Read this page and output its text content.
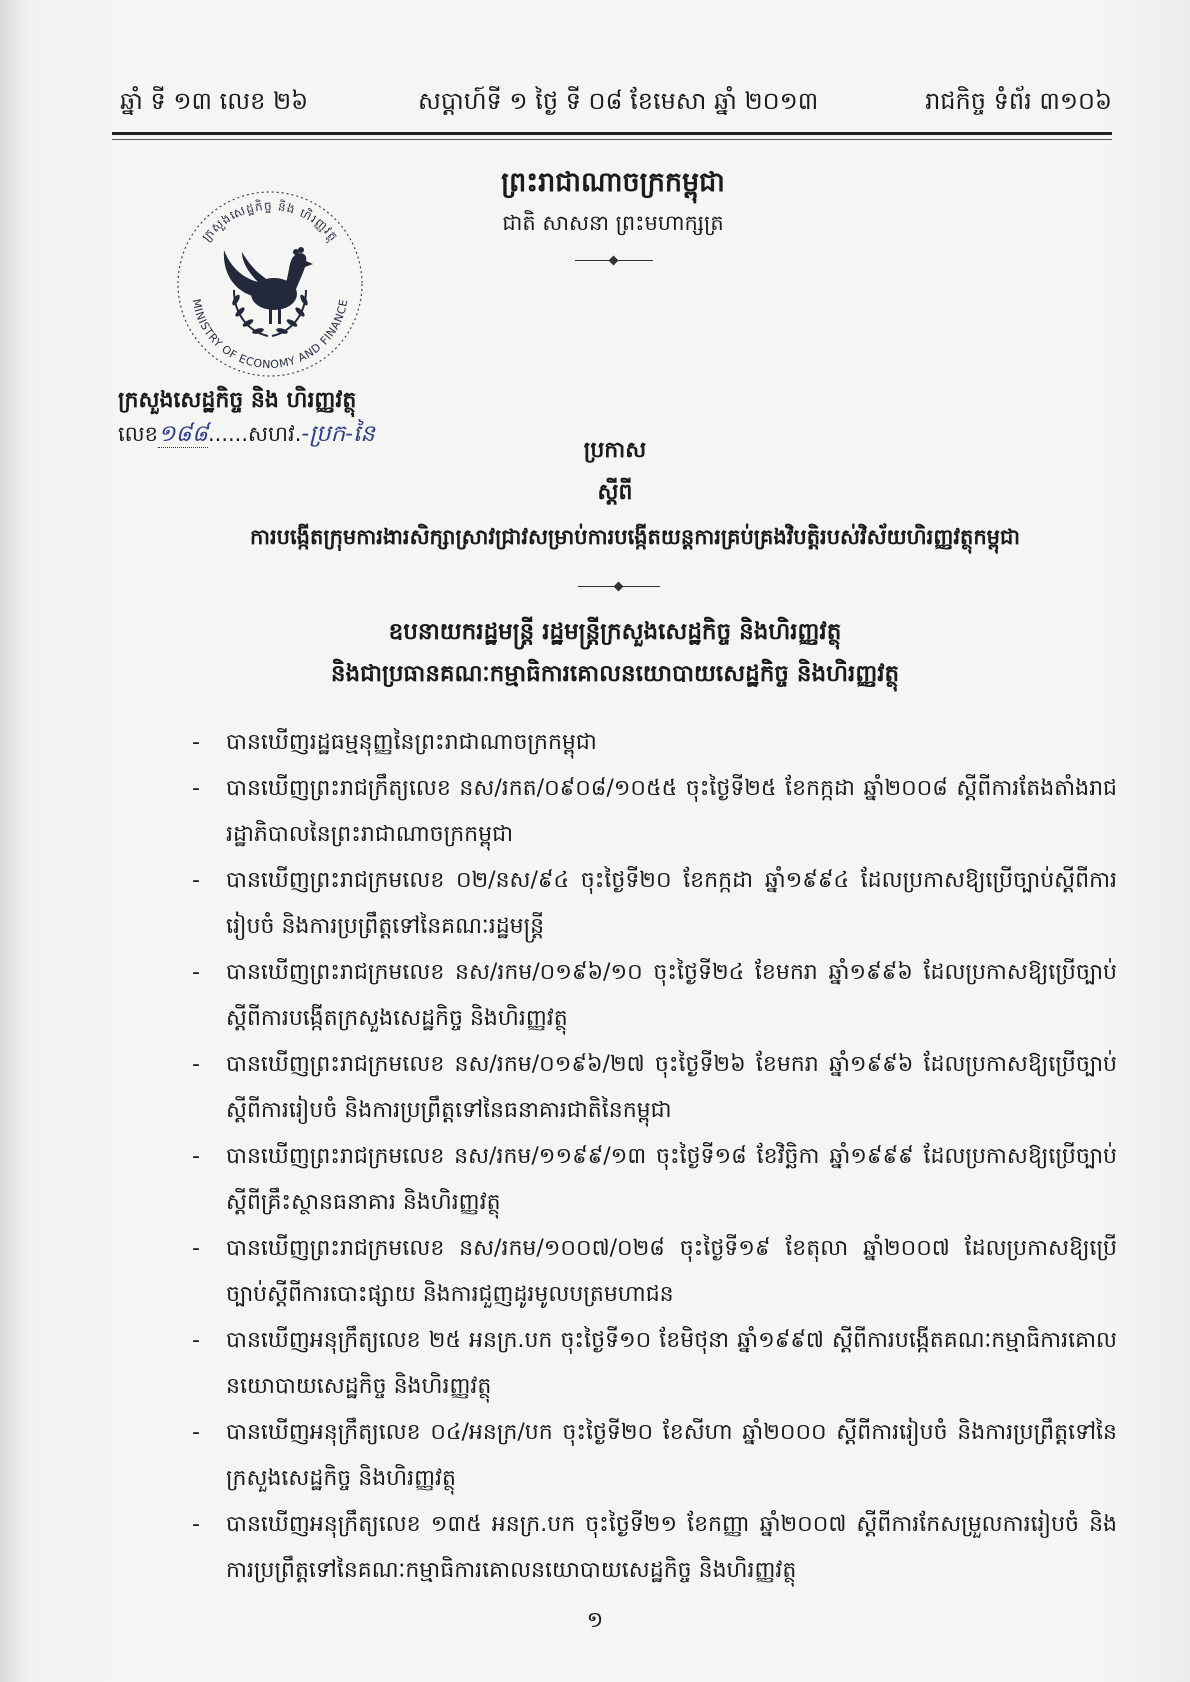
ឆ្នាំ ទី ១៣ លេខ ២៦	សប្តាហ៍ទី ១ ថ្ងៃ ទី ០៨ ខែមេសា ឆ្នាំ ២០១៣	រាជកិច្ច ទំព័រ ៣១០៦
ព្រះរាជាណាចក្រកម្ពុជា
ជាតិ សាសនា ព្រះមហាក្សត្រ
ក្រសួងសេដ្ឋកិច្ច និង ហិរញ្ញវត្ថុ
MINISTRY OF ECONOMY AND FINANCE
ក្រសួងសេដ្ឋកិច្ច និង ហិរញ្ញវត្ថុ
លេខ១៨៨......សហវ.-ប្រក-នៃ
ប្រកាស
ស្តីពី
ការបង្កើតក្រុមការងារសិក្សាស្រាវជ្រាវសម្រាប់ការបង្កើតយន្តការគ្រប់គ្រងវិបត្តិរបស់វិស័យហិរញ្ញវត្ថុកម្ពុជា
ឧបនាយករដ្ឋមន្ត្រី រដ្ឋមន្ត្រីក្រសួងសេដ្ឋកិច្ច និងហិរញ្ញវត្ថុ
និងជាប្រធានគណៈកម្មាធិការគោលនយោបាយសេដ្ឋកិច្ច និងហិរញ្ញវត្ថុ
-	បានឃើញរដ្ឋធម្មនុញ្ញនៃព្រះរាជាណាចក្រកម្ពុជា
-	បានឃើញព្រះរាជក្រឹត្យលេខ នស/រកត/០៩០៨/១០៥៥ ចុះថ្ងៃទី២៥ ខែកក្កដា ឆ្នាំ២០០៨ ស្តីពីការតែងតាំងរាជរដ្ឋាភិបាលនៃព្រះរាជាណាចក្រកម្ពុជា
-	បានឃើញព្រះរាជក្រមលេខ ០២/នស/៩៤ ចុះថ្ងៃទី២០ ខែកក្កដា ឆ្នាំ១៩៩៤ ដែលប្រកាសឱ្យប្រើច្បាប់ស្តីពីការរៀបចំ និងការប្រព្រឹត្តទៅនៃគណៈរដ្ឋមន្ត្រី
-	បានឃើញព្រះរាជក្រមលេខ នស/រកម/០១៩៦/១០ ចុះថ្ងៃទី២៤ ខែមករា ឆ្នាំ១៩៩៦ ដែលប្រកាសឱ្យប្រើច្បាប់ស្តីពីការបង្កើតក្រសួងសេដ្ឋកិច្ច និងហិរញ្ញវត្ថុ
-	បានឃើញព្រះរាជក្រមលេខ នស/រកម/០១៩៦/២៧ ចុះថ្ងៃទី២៦ ខែមករា ឆ្នាំ១៩៩៦ ដែលប្រកាសឱ្យប្រើច្បាប់ស្តីពីការរៀបចំ និងការប្រព្រឹត្តទៅនៃធនាគារជាតិនៃកម្ពុជា
-	បានឃើញព្រះរាជក្រមលេខ នស/រកម/១១៩៩/១៣ ចុះថ្ងៃទី១៨ ខែវិច្ឆិកា ឆ្នាំ១៩៩៩ ដែលប្រកាសឱ្យប្រើច្បាប់ស្តីពីគ្រឹះស្ថានធនាគារ និងហិរញ្ញវត្ថុ
-	បានឃើញព្រះរាជក្រមលេខ នស/រកម/១០០៧/០២៨ ចុះថ្ងៃទី១៩ ខែតុលា ឆ្នាំ២០០៧ ដែលប្រកាសឱ្យប្រើច្បាប់ស្តីពីការបោះផ្សាយ និងការជួញដូរមូលបត្រមហាជន
-	បានឃើញអនុក្រឹត្យលេខ ២៥ អនក្រ.បក ចុះថ្ងៃទី១០ ខែមិថុនា ឆ្នាំ១៩៩៧ ស្តីពីការបង្កើតគណៈកម្មាធិការគោលនយោបាយសេដ្ឋកិច្ច និងហិរញ្ញវត្ថុ
-	បានឃើញអនុក្រឹត្យលេខ ០៤/អនក្រ/បក ចុះថ្ងៃទី២០ ខែសីហា ឆ្នាំ២០០០ ស្តីពីការរៀបចំ និងការប្រព្រឹត្តទៅនៃក្រសួងសេដ្ឋកិច្ច និងហិរញ្ញវត្ថុ
-	បានឃើញអនុក្រឹត្យលេខ ១៣៥ អនក្រ.បក ចុះថ្ងៃទី២១ ខែកញ្ញា ឆ្នាំ២០០៧ ស្តីពីការកែសម្រួលការរៀបចំ និងការប្រព្រឹត្តទៅនៃគណៈកម្មាធិការគោលនយោបាយសេដ្ឋកិច្ច និងហិរញ្ញវត្ថុ
១
